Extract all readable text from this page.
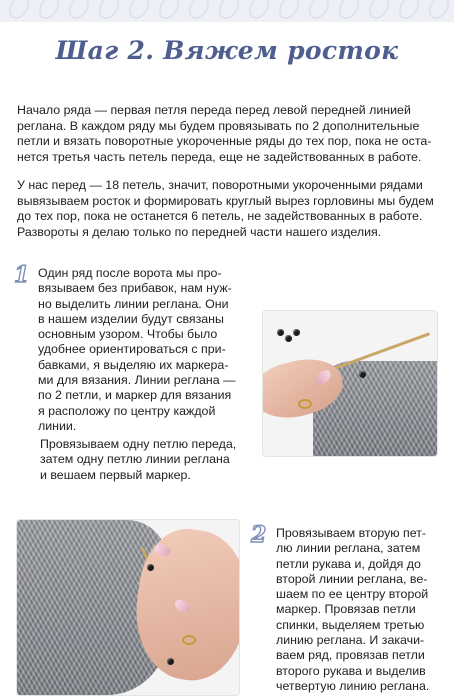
Шаг 2. Вяжем росток
Начало ряда — первая петля переда перед левой передней линией
реглана. В каждом ряду мы будем провязывать по 2 дополнительные
петли и вязать поворотные укороченные ряды до тех пор, пока не оста-
нется третья часть петель переда, еще не задействованных в работе.
У нас перед — 18 петель, значит, поворотными укороченными рядами
вывязываем росток и формировать круглый вырез горловины мы будем
до тех пор, пока не останется 6 петель, не задействованных в работе.
Развороты я делаю только по передней части нашего изделия.
1 Один ряд после ворота мы про-
вязываем без прибавок, нам нуж-
но выделить линии реглана. Они
в нашем изделии будут связаны
основным узором. Чтобы было
удобнее ориентироваться с при-
бавками, я выделяю их маркера-
ми для вязания. Линии реглана —
по 2 петли, и маркер для вязания
я расположу по центру каждой
линии.
Провязываем одну петлю переда,
затем одну петлю линии реглана
и вешаем первый маркер.
2 Провязываем вторую пет-
лю линии реглана, затем
петли рукава и, дойдя до
второй линии реглана, ве-
шаем по ее центру второй
маркер. Провязав петли
спинки, выделяем третью
линию реглана. И закачи-
ваем ряд, провязав петли
второго рукава и выделив
четвертую линию реглана.
